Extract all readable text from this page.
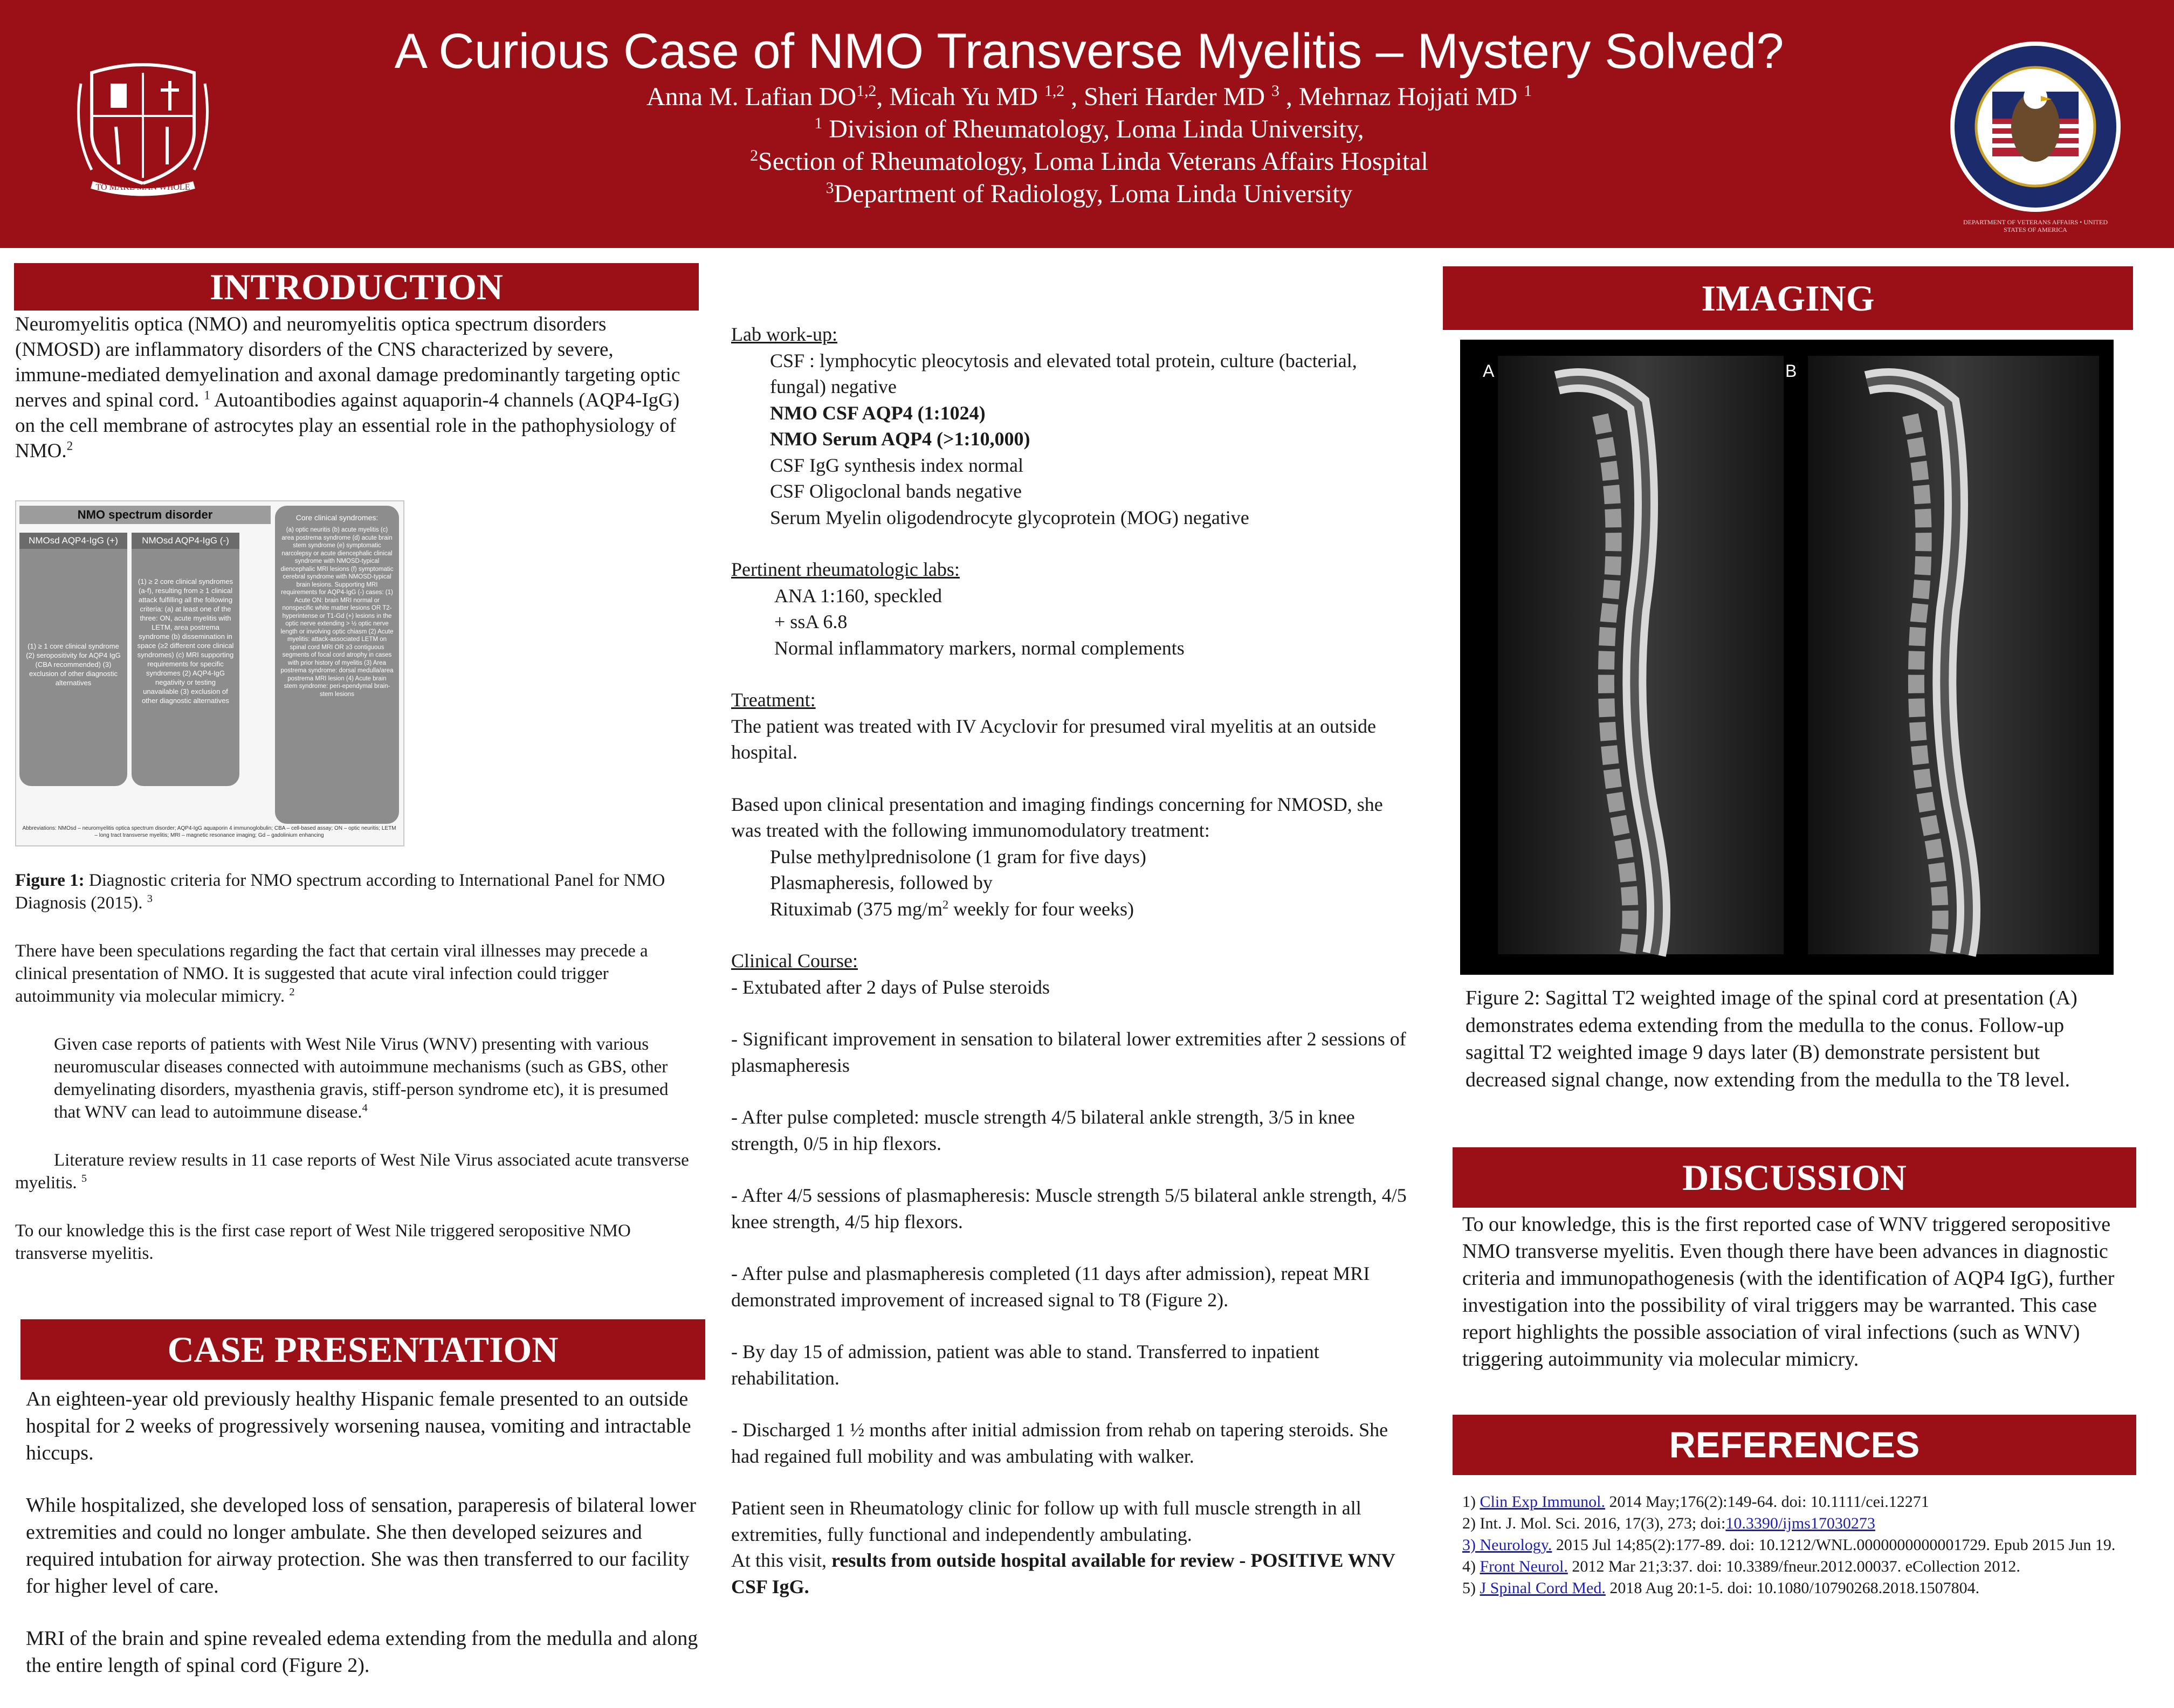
TO MAKE MAN WHOLE
A Curious Case of NMO Transverse Myelitis – Mystery Solved?
Anna M. Lafian DO$^{1,2}$, Micah Yu MD $^{1,2}$ , Sheri Harder MD $^3$ , Mehrnaz Hojjati MD $^1$
$^1$ Division of Rheumatology, Loma Linda University,
$^2$Section of Rheumatology, Loma Linda Veterans Affairs Hospital
$^3$Department of Radiology, Loma Linda University
DEPARTMENT OF VETERANS AFFAIRS • UNITED STATES OF AMERICA
INTRODUCTION

Neuromyelitis optica (NMO) and neuromyelitis optica spectrum disorders (NMOSD) are inflammatory disorders of the CNS characterized by severe, immune-mediated demyelination and axonal damage predominantly targeting optic nerves and spinal cord. $^1$ Autoantibodies against aquaporin-4 channels (AQP4-IgG) on the cell membrane of astrocytes play an essential role in the pathophysiology of NMO.$^2$

NMO spectrum disorder
NMOsd AQP4-IgG (+)	NMOsd AQP4-IgG (-)
(1) ≥ 1 core clinical syndrome (2) seropositivity for AQP4 IgG (CBA recommended) (3) exclusion of other diagnostic alternatives
(1) ≥ 2 core clinical syndromes (a-f), resulting from ≥ 1 clinical attack fulfilling all the following criteria: (a) at least one of the three: ON, acute myelitis with LETM, area postrema syndrome (b) dissemination in space (≥2 different core clinical syndromes) (c) MRI supporting requirements for specific syndromes (2) AQP4-IgG negativity or testing unavailable (3) exclusion of other diagnostic alternatives
Core clinical syndromes:
(a) optic neuritis (b) acute myelitis (c) area postrema syndrome (d) acute brain stem syndrome (e) symptomatic narcolepsy or acute diencephalic clinical syndrome with NMOSD-typical diencephalic MRI lesions (f) symptomatic cerebral syndrome with NMOSD-typical brain lesions. Supporting MRI requirements for AQP4-IgG (-) cases: (1) Acute ON: brain MRI normal or nonspecific white matter lesions OR T2-hyperintense or T1-Gd (+) lesions in the optic nerve extending > ½ optic nerve length or involving optic chiasm (2) Acute myelitis: attack-associated LETM on spinal cord MRI OR ≥3 contiguous segments of focal cord atrophy in cases with prior history of myelitis (3) Area postrema syndrome: dorsal medulla/area postrema MRI lesion (4) Acute brain stem syndrome: peri-ependymal brain-stem lesions
Abbreviations: NMOsd – neuromyelitis optica spectrum disorder; AQP4-IgG aquaporin 4 immunoglobulin; CBA – cell-based assay; ON – optic neuritis; LETM – long tract transverse myelitis; MRI – magnetic resonance imaging; Gd – gadolinium enhancing

Figure 1: Diagnostic criteria for NMO spectrum according to International Panel for NMO Diagnosis (2015). $^3$

There have been speculations regarding the fact that certain viral illnesses may precede a clinical presentation of NMO. It is suggested that acute viral infection could trigger autoimmunity via molecular mimicry. $^2$

Given case reports of patients with West Nile Virus (WNV) presenting with various neuromuscular diseases connected with autoimmune mechanisms (such as GBS, other demyelinating disorders, myasthenia gravis, stiff-person syndrome etc), it is presumed that WNV can lead to autoimmune disease.$^4$

Literature review results in 11 case reports of West Nile Virus associated acute transverse myelitis. $^5$

To our knowledge this is the first case report of West Nile triggered seropositive NMO transverse myelitis.

CASE PRESENTATION

An eighteen-year old previously healthy Hispanic female presented to an outside hospital for 2 weeks of progressively worsening nausea, vomiting and intractable hiccups.

While hospitalized, she developed loss of sensation, paraperesis of bilateral lower extremities and could no longer ambulate. She then developed seizures and required intubation for airway protection. She was then transferred to our facility for higher level of care.

MRI of the brain and spine revealed edema extending from the medulla and along the entire length of spinal cord (Figure 2).

Lab work-up:

CSF : lymphocytic pleocytosis and elevated total protein, culture (bacterial, fungal) negative

NMO CSF AQP4 (1:1024)

NMO Serum AQP4 (>1:10,000)

CSF IgG synthesis index normal

CSF Oligoclonal bands negative

Serum Myelin oligodendrocyte glycoprotein (MOG) negative

Pertinent rheumatologic labs:

ANA 1:160, speckled

+ ssA 6.8

Normal inflammatory markers, normal complements

Treatment:

The patient was treated with IV Acyclovir for presumed viral myelitis at an outside hospital.

Based upon clinical presentation and imaging findings concerning for NMOSD, she was treated with the following immunomodulatory treatment:

Pulse methylprednisolone (1 gram for five days)

Plasmapheresis, followed by

Rituximab (375 $mg/m^2$ weekly for four weeks)

Clinical Course:

- Extubated after 2 days of Pulse steroids

- Significant improvement in sensation to bilateral lower extremities after 2 sessions of plasmapheresis

- After pulse completed: muscle strength 4/5 bilateral ankle strength, 3/5 in knee strength, 0/5 in hip flexors.

- After 4/5 sessions of plasmapheresis: Muscle strength 5/5 bilateral ankle strength, 4/5 knee strength, 4/5 hip flexors.

- After pulse and plasmapheresis completed (11 days after admission), repeat MRI demonstrated improvement of increased signal to T8 (Figure 2).

- By day 15 of admission, patient was able to stand. Transferred to inpatient rehabilitation.

- Discharged 1 ½ months after initial admission from rehab on tapering steroids. She had regained full mobility and was ambulating with walker.

Patient seen in Rheumatology clinic for follow up with full muscle strength in all extremities, fully functional and independently ambulating.

At this visit, results from outside hospital available for review - POSITIVE WNV CSF IgG.

IMAGING
A	B
Figure 2: Sagittal T2 weighted image of the spinal cord at presentation (A) demonstrates edema extending from the medulla to the conus. Follow-up sagittal T2 weighted image 9 days later (B) demonstrate persistent but decreased signal change, now extending from the medulla to the T8 level.
DISCUSSION
To our knowledge, this is the first reported case of WNV triggered seropositive NMO transverse myelitis. Even though there have been advances in diagnostic criteria and immunopathogenesis (with the identification of AQP4 IgG), further investigation into the possibility of viral triggers may be warranted. This case report highlights the possible association of viral infections (such as WNV) triggering autoimmunity via molecular mimicry.
REFERENCES

1) Clin Exp Immunol. 2014 May;176(2):149-64. doi: 10.1111/cei.12271

2) Int. J. Mol. Sci. 2016, 17(3), 273; doi:10.3390/ijms17030273

3) Neurology. 2015 Jul 14;85(2):177-89. doi: 10.1212/WNL.0000000000001729. Epub 2015 Jun 19.

4) Front Neurol. 2012 Mar 21;3:37. doi: 10.3389/fneur.2012.00037. eCollection 2012.

5) J Spinal Cord Med. 2018 Aug 20:1-5. doi: 10.1080/10790268.2018.1507804.
